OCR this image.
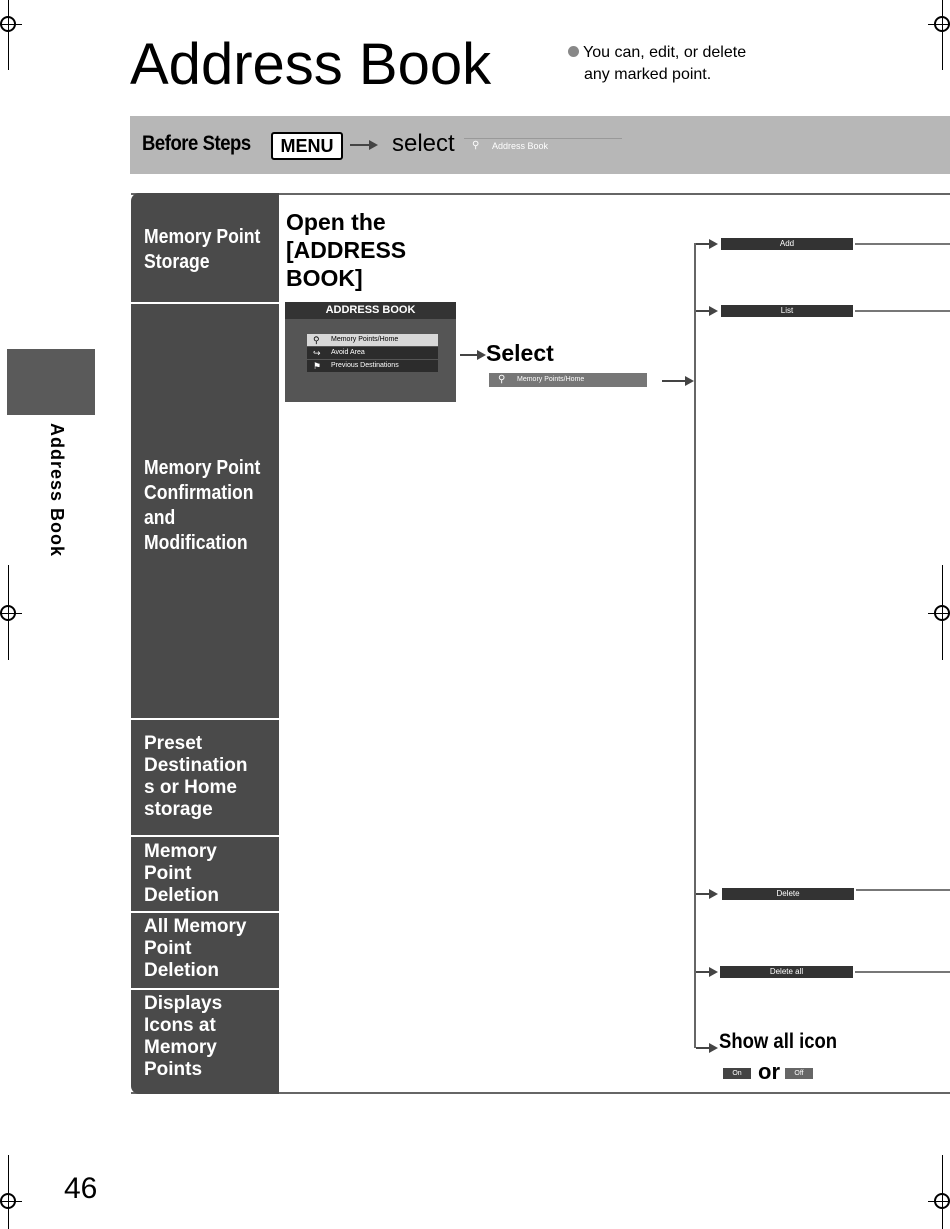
Address Book	You can, edit, or delete
any marked point.
Before Steps	MENU	select ⚲ Address Book
Memory Point
Storage
Memory Point
Confirmation
and
Modification
Preset
Destination
s or Home
storage
Memory
Point
Deletion
All Memory
Point
Deletion
Displays
Icons at
Memory
Points
Open the
[ADDRESS
BOOK]
ADDRESS BOOK
⚲ Memory Points/Home
↪ Avoid Area
⚑ Previous Destinations	Select
⚲ Memory Points/Home
Add
List
Delete
Delete all
Show all icon
On or	Off
Address Book
46
